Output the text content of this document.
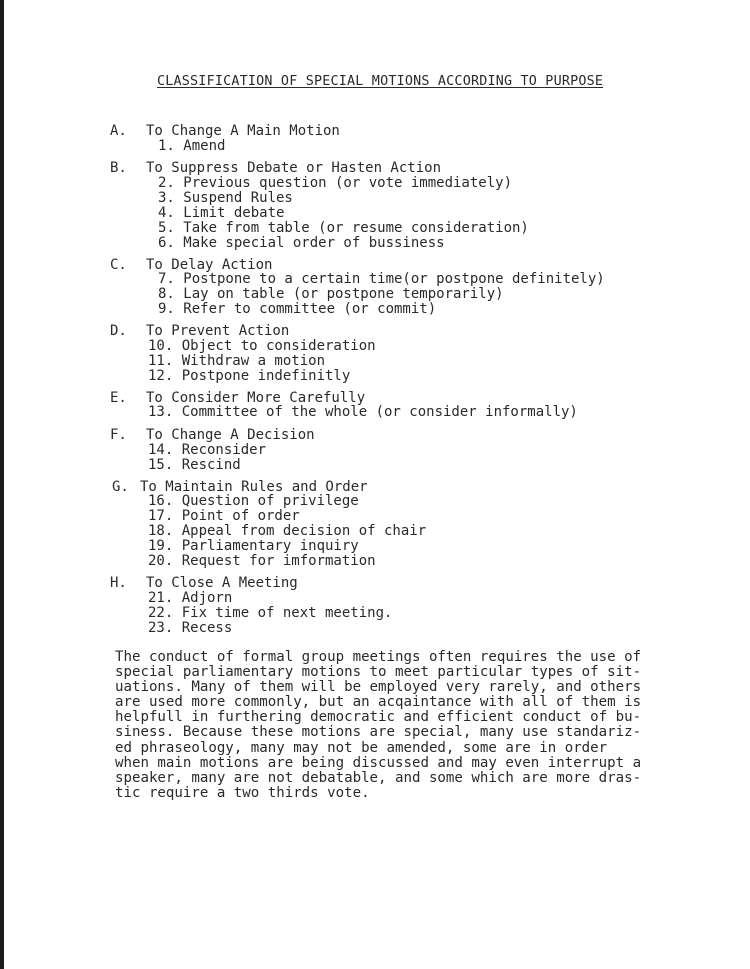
CLASSIFICATION OF SPECIAL MOTIONS ACCORDING TO PURPOSE
A. To Change A Main Motion
1. Amend
B. To Suppress Debate or Hasten Action
2. Previous question (or vote immediately)
3. Suspend Rules
4. Limit debate
5. Take from table (or resume consideration)
6. Make special order of bussiness
C. To Delay Action
7. Postpone to a certain time(or postpone definitely)
8. Lay on table (or postpone temporarily)
9. Refer to committee (or commit)
D. To Prevent Action
10. Object to consideration
11. Withdraw a motion
12. Postpone indefinitly
E. To Consider More Carefully
13. Committee of the whole (or consider informally)
F. To Change A Decision
14. Reconsider
15. Rescind
G. To Maintain Rules and Order
16. Question of privilege
17. Point of order
18. Appeal from decision of chair
19. Parliamentary inquiry
20. Request for imformation
H. To Close A Meeting
21. Adjorn
22. Fix time of next meeting.
23. Recess
The conduct of formal group meetings often requires the use of
special parliamentary motions to meet particular types of sit-
uations. Many of them will be employed very rarely, and others
are used more commonly, but an acqaintance with all of them is
helpfull in furthering democratic and efficient conduct of bu-
siness. Because these motions are special, many use standariz-
ed phraseology, many may not be amended, some are in order
when main motions are being discussed and may even interrupt a
speaker, many are not debatable, and some which are more dras-
tic require a two thirds vote.
